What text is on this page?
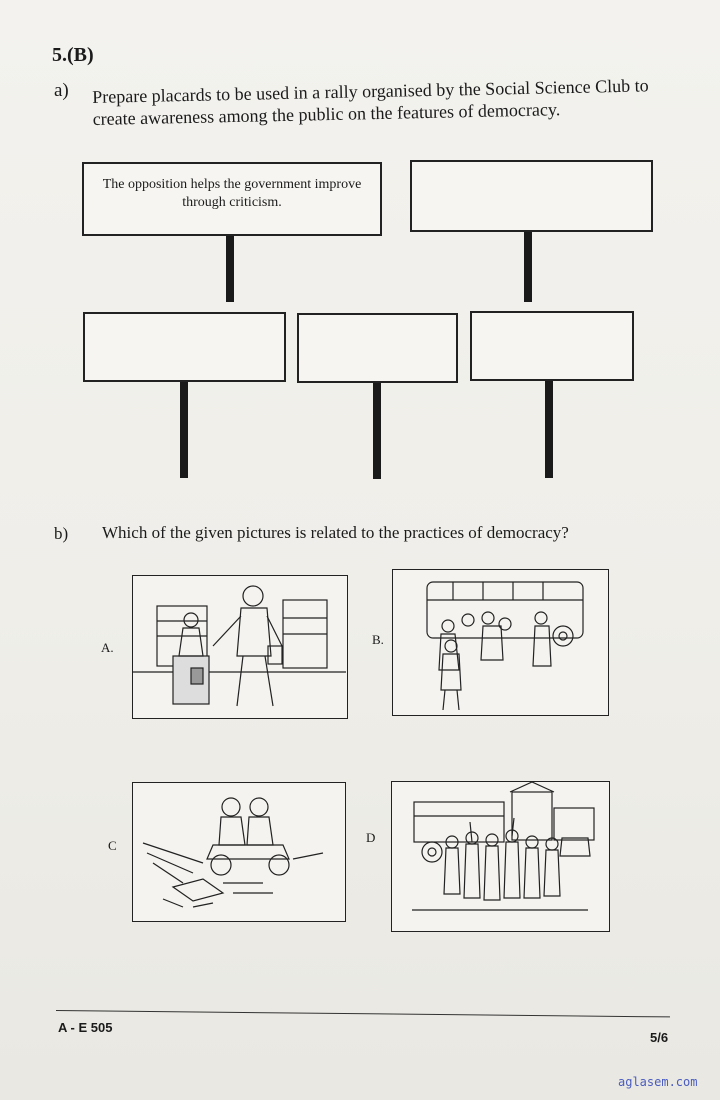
5.(B)
a) Prepare placards to be used in a rally organised by the Social Science Club to create awareness among the public on the features of democracy.
The opposition helps the government improve through criticism.
b) Which of the given pictures is related to the practices of democracy?
A.
B.
C
D
A - E 505
5/6
aglasem.com
